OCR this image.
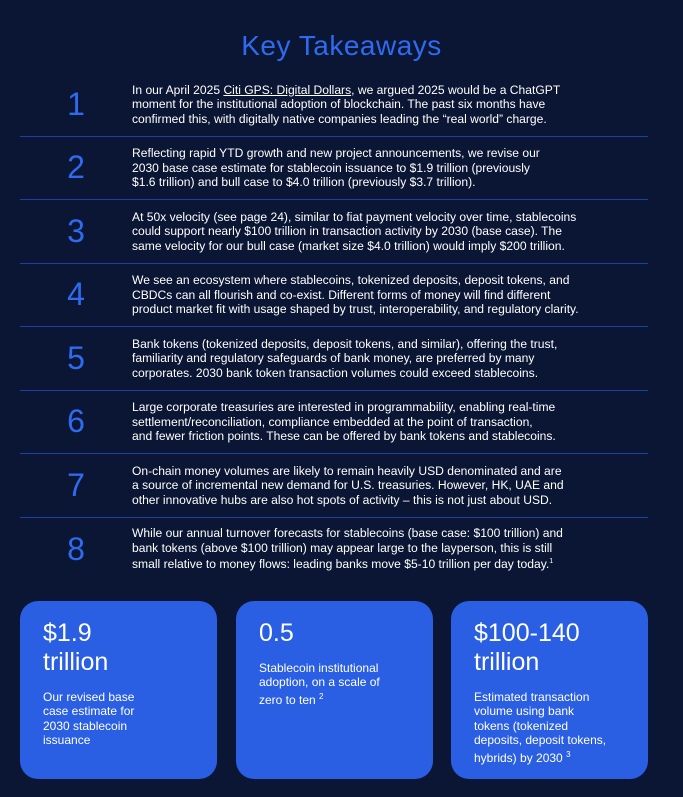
Key Takeaways
1	In our April 2025 Citi GPS: Digital Dollars, we argued 2025 would be a ChatGPT
moment for the institutional adoption of blockchain. The past six months have
confirmed this, with digitally native companies leading the “real world” charge.
2	Reflecting rapid YTD growth and new project announcements, we revise our
2030 base case estimate for stablecoin issuance to $1.9 trillion (previously
$1.6 trillion) and bull case to $4.0 trillion (previously $3.7 trillion).
3	At 50x velocity (see page 24), similar to fiat payment velocity over time, stablecoins
could support nearly $100 trillion in transaction activity by 2030 (base case). The
same velocity for our bull case (market size $4.0 trillion) would imply $200 trillion.
4	We see an ecosystem where stablecoins, tokenized deposits, deposit tokens, and
CBDCs can all flourish and co-exist. Different forms of money will find different
product market fit with usage shaped by trust, interoperability, and regulatory clarity.
5	Bank tokens (tokenized deposits, deposit tokens, and similar), offering the trust,
familiarity and regulatory safeguards of bank money, are preferred by many
corporates. 2030 bank token transaction volumes could exceed stablecoins.
6	Large corporate treasuries are interested in programmability, enabling real-time
settlement/reconciliation, compliance embedded at the point of transaction,
and fewer friction points. These can be offered by bank tokens and stablecoins.
7	On-chain money volumes are likely to remain heavily USD denominated and are
a source of incremental new demand for U.S. treasuries. However, HK, UAE and
other innovative hubs are also hot spots of activity – this is not just about USD.
8	While our annual turnover forecasts for stablecoins (base case: $100 trillion) and
bank tokens (above $100 trillion) may appear large to the layperson, this is still
small relative to money flows: leading banks move $5-10 trillion per day today.$^1$
$1.9
trillion
Our revised base
case estimate for
2030 stablecoin
issuance
0.5
Stablecoin institutional
adoption, on a scale of
zero to ten $^2$
$100-140
trillion
Estimated transaction
volume using bank
tokens (tokenized
deposits, deposit tokens,
hybrids) by 2030 $^3$
